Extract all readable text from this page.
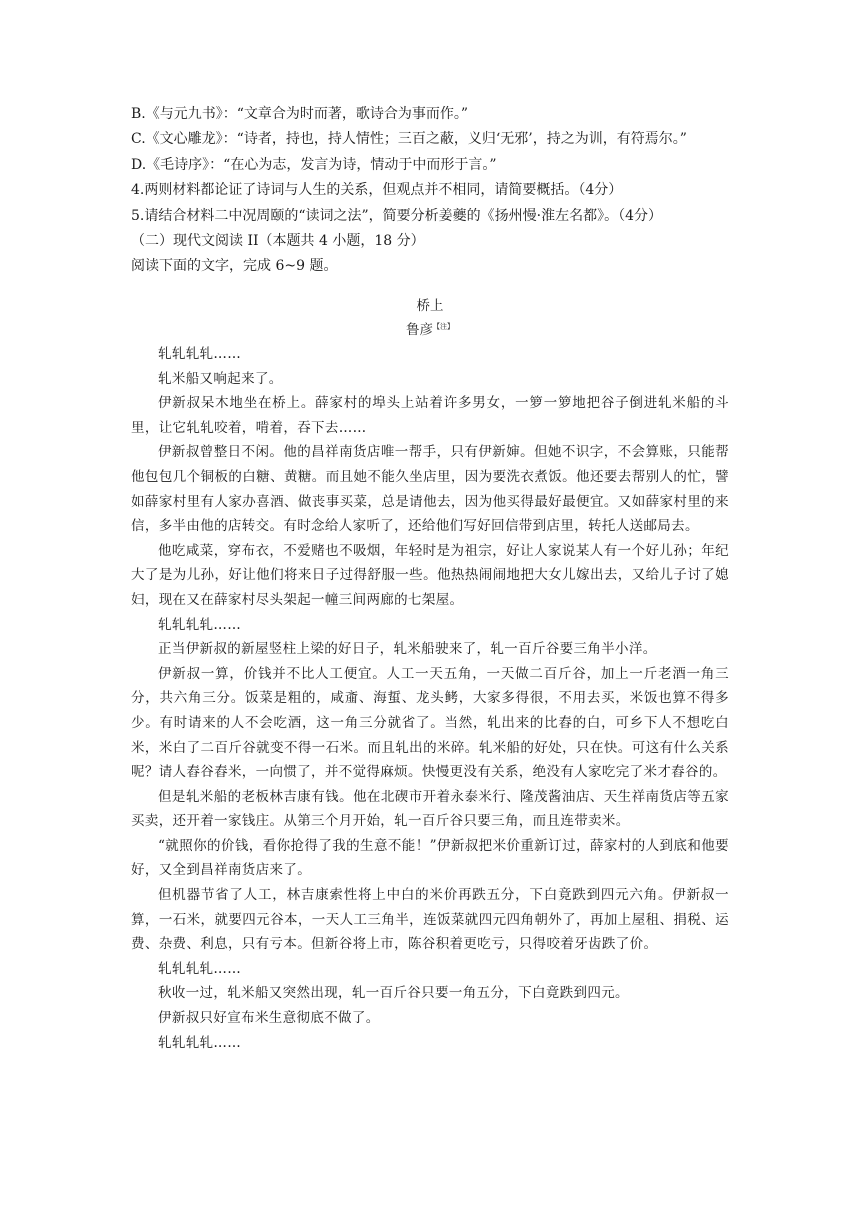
B.《与元九书》：“文章合为时而著，歌诗合为事而作。”

C.《文心雕龙》：“诗者，持也，持人情性；三百之蔽，义归‘无邪’，持之为训，有符焉尔。”

D.《毛诗序》：“在心为志，发言为诗，情动于中而形于言。”

4.两则材料都论证了诗词与人生的关系，但观点并不相同，请简要概括。（4分）

5.请结合材料二中况周颐的“读词之法”，简要分析姜夔的《扬州慢·淮左名都》。（4分）

（二）现代文阅读 II（本题共 4 小题，18 分）

阅读下面的文字，完成 6~9 题。

桥上
鲁彦$^{【注】}$

轧轧轧轧……

轧米船又响起来了。

伊新叔呆木地坐在桥上。薛家村的埠头上站着许多男女，一箩一箩地把谷子倒进轧米船的斗里，让它轧轧咬着，啃着，吞下去……

伊新叔曾整日不闲。他的昌祥南货店唯一帮手，只有伊新婶。但她不识字，不会算账，只能帮他包包几个铜板的白糖、黄糖。而且她不能久坐店里，因为要洗衣煮饭。他还要去帮别人的忙，譬如薛家村里有人家办喜酒、做丧事买菜，总是请他去，因为他买得最好最便宜。又如薛家村里的来信，多半由他的店转交。有时念给人家听了，还给他们写好回信带到店里，转托人送邮局去。

他吃咸菜，穿布衣，不爱赌也不吸烟，年轻时是为祖宗，好让人家说某人有一个好儿孙；年纪大了是为儿孙，好让他们将来日子过得舒服一些。他热热闹闹地把大女儿嫁出去，又给儿子讨了媳妇，现在又在薛家村尽头架起一幢三间两廊的七架屋。

轧轧轧轧……

正当伊新叔的新屋竖柱上梁的好日子，轧米船驶来了，轧一百斤谷要三角半小洋。

伊新叔一算，价钱并不比人工便宜。人工一天五角，一天做二百斤谷，加上一斤老酒一角三分，共六角三分。饭菜是粗的，咸齑、海蜇、龙头鲓，大家多得很，不用去买，米饭也算不得多少。有时请来的人不会吃酒，这一角三分就省了。当然，轧出来的比舂的白，可乡下人不想吃白米，米白了二百斤谷就变不得一石米。而且轧出的米碎。轧米船的好处，只在快。可这有什么关系呢？请人舂谷舂米，一向惯了，并不觉得麻烦。快慢更没有关系，绝没有人家吃完了米才舂谷的。

但是轧米船的老板林吉康有钱。他在北碶市开着永泰米行、隆茂酱油店、天生祥南货店等五家买卖，还开着一家钱庄。从第三个月开始，轧一百斤谷只要三角，而且连带卖米。

“就照你的价钱，看你抢得了我的生意不能！”伊新叔把米价重新订过，薛家村的人到底和他要好，又全到昌祥南货店来了。

但机器节省了人工，林吉康索性将上中白的米价再跌五分，下白竟跌到四元六角。伊新叔一算，一石米，就要四元谷本，一天人工三角半，连饭菜就四元四角朝外了，再加上屋租、捐税、运费、杂费、利息，只有亏本。但新谷将上市，陈谷积着更吃亏，只得咬着牙齿跌了价。

轧轧轧轧……

秋收一过，轧米船又突然出现，轧一百斤谷只要一角五分，下白竟跌到四元。

伊新叔只好宣布米生意彻底不做了。

轧轧轧轧……
